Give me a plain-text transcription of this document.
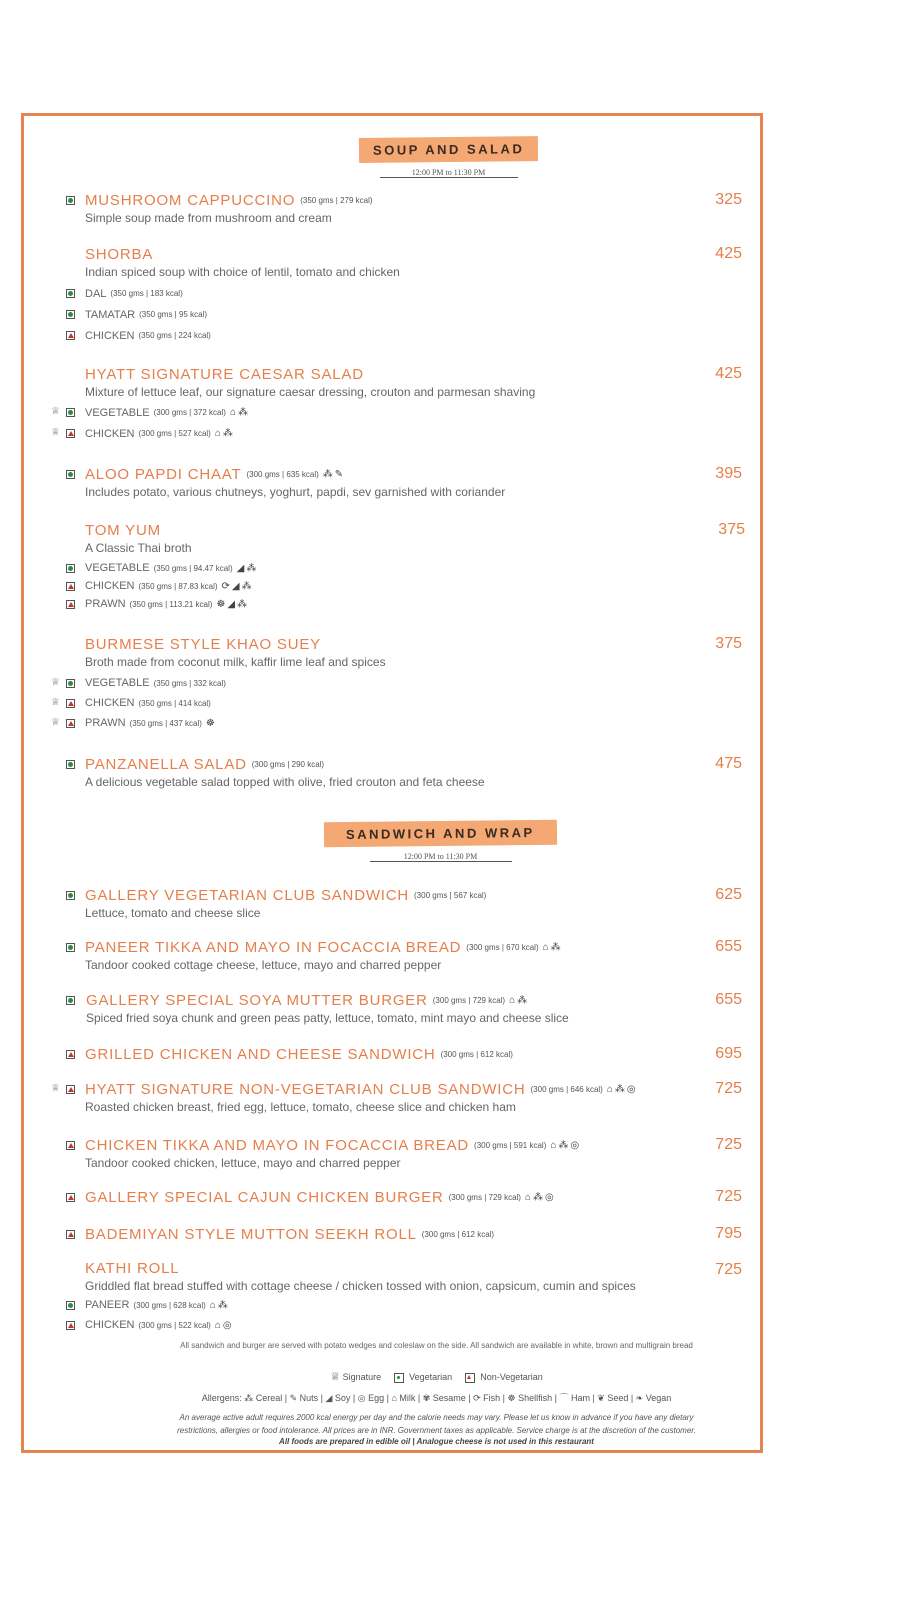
SOUP AND SALAD
12:00 PM to 11:30 PM
MUSHROOM CAPPUCCINO (350 gms | 279 kcal)	325
Simple soup made from mushroom and cream
SHORBA	425
Indian spiced soup with choice of lentil, tomato and chicken
DAL (350 gms | 183 kcal)
TAMATAR (350 gms | 95 kcal)
CHICKEN (350 gms | 224 kcal)
HYATT SIGNATURE CAESAR SALAD	425
Mixture of lettuce leaf, our signature caesar dressing, crouton and parmesan shaving
♕ VEGETABLE (300 gms | 372 kcal) ⌂⁂
♕ CHICKEN (300 gms | 527 kcal) ⌂⁂
ALOO PAPDI CHAAT (300 gms | 635 kcal) ⁂✎	395
Includes potato, various chutneys, yoghurt, papdi, sev garnished with coriander
TOM YUM	375
A Classic Thai broth
VEGETABLE (350 gms | 94.47 kcal) ◢⁂
CHICKEN (350 gms | 87.83 kcal) ⟳◢⁂
PRAWN (350 gms | 113.21 kcal) ☸◢⁂
BURMESE STYLE KHAO SUEY	375
Broth made from coconut milk, kaffir lime leaf and spices
♕ VEGETABLE (350 gms | 332 kcal)
♕ CHICKEN (350 gms | 414 kcal)
♕ PRAWN (350 gms | 437 kcal) ☸
PANZANELLA SALAD (300 gms | 290 kcal)	475
A delicious vegetable salad topped with olive, fried crouton and feta cheese
SANDWICH AND WRAP
12:00 PM to 11:30 PM
GALLERY VEGETARIAN CLUB SANDWICH (300 gms | 567 kcal)	625
Lettuce, tomato and cheese slice
PANEER TIKKA AND MAYO IN FOCACCIA BREAD (300 gms | 670 kcal) ⌂⁂	655
Tandoor cooked cottage cheese, lettuce, mayo and charred pepper
GALLERY SPECIAL SOYA MUTTER BURGER (300 gms | 729 kcal) ⌂⁂	655
Spiced fried soya chunk and green peas patty, lettuce, tomato, mint mayo and cheese slice
GRILLED CHICKEN AND CHEESE SANDWICH (300 gms | 612 kcal)	695
♕ HYATT SIGNATURE NON-VEGETARIAN CLUB SANDWICH (300 gms | 646 kcal) ⌂⁂◎	725
Roasted chicken breast, fried egg, lettuce, tomato, cheese slice and chicken ham
CHICKEN TIKKA AND MAYO IN FOCACCIA BREAD (300 gms | 591 kcal) ⌂⁂◎	725
Tandoor cooked chicken, lettuce, mayo and charred pepper
GALLERY SPECIAL CAJUN CHICKEN BURGER (300 gms | 729 kcal) ⌂⁂◎	725
BADEMIYAN STYLE MUTTON SEEKH ROLL (300 gms | 612 kcal)	795
KATHI ROLL	725
Griddled flat bread stuffed with cottage cheese / chicken tossed with onion, capsicum, cumin and spices
PANEER (300 gms | 628 kcal) ⌂⁂
CHICKEN (300 gms | 522 kcal) ⌂◎
All sandwich and burger are served with potato wedges and coleslaw on the side. All sandwich are available in white, brown and multigrain bread
♕ Signature	Vegetarian	Non-Vegetarian
Allergens: ⁂ Cereal | ✎ Nuts | ◢ Soy | ◎ Egg | ⌂ Milk | ✾ Sesame | ⟳ Fish | ☸ Shellfish | ⌒ Ham | ❦ Seed | ❧ Vegan
An average active adult requires 2000 kcal energy per day and the calorie needs may vary. Please let us know in advance if you have any dietary
restrictions, allergies or food intolerance. All prices are in INR. Government taxes as applicable. Service charge is at the discretion of the customer.
All foods are prepared in edible oil | Analogue cheese is not used in this restaurant
